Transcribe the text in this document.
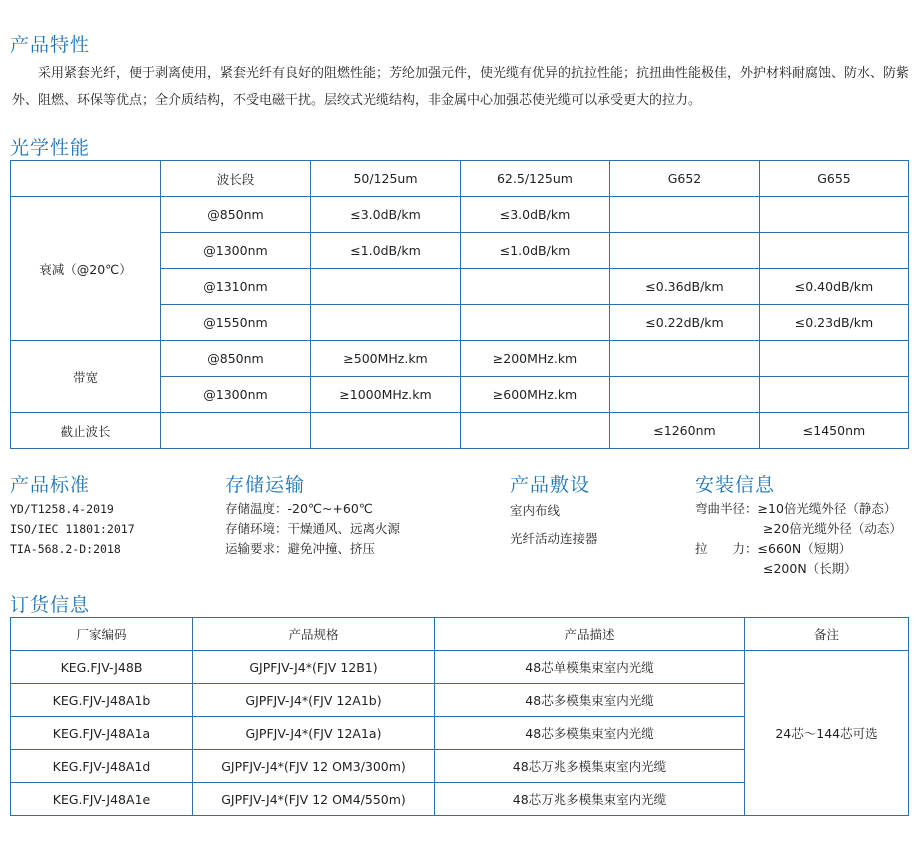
产品特性

采用紧套光纤，便于剥离使用，紧套光纤有良好的阻燃性能；芳纶加强元件，使光缆有优异的抗拉性能；抗扭曲性能极佳，外护材料耐腐蚀、防水、防紫外、阻燃、环保等优点；全介质结构，不受电磁干扰。层绞式光缆结构，非金属中心加强芯使光缆可以承受更大的拉力。

光学性能
	波长段	50/125um	62.5/125um	G652	G655
衰减（@20℃）	@850nm	≤3.0dB/km	≤3.0dB/km		
	@1300nm	≤1.0dB/km	≤1.0dB/km		
	@1310nm			≤0.36dB/km	≤0.40dB/km
	@1550nm			≤0.22dB/km	≤0.23dB/km
带宽	@850nm	≥500MHz.km	≥200MHz.km		
	@1300nm	≥1000MHz.km	≥600MHz.km		
截止波长				≤1260nm	≤1450nm
产品标准
YD/T1258.4-2019
ISO/IEC 11801:2017
TIA-568.2-D:2018
存储运输
存储温度：-20℃~+60℃
存储环境：干燥通风、远离火源
运输要求：避免冲撞、挤压
产品敷设
室内布线
光纤活动连接器
安装信息
弯曲半径：≥10倍光缆外径（静态）
≥20倍光缆外径（动态）
拉　　力：≤660N（短期）
≤200N（长期）
订货信息
厂家编码	产品规格	产品描述	备注
KEG.FJV-J48B	GJPFJV-J4*(FJV 12B1)	48芯单模集束室内光缆	24芯～144芯可选
KEG.FJV-J48A1b	GJPFJV-J4*(FJV 12A1b)	48芯多模集束室内光缆	
KEG.FJV-J48A1a	GJPFJV-J4*(FJV 12A1a)	48芯多模集束室内光缆	
KEG.FJV-J48A1d	GJPFJV-J4*(FJV 12 OM3/300m)	48芯万兆多模集束室内光缆	
KEG.FJV-J48A1e	GJPFJV-J4*(FJV 12 OM4/550m)	48芯万兆多模集束室内光缆	
